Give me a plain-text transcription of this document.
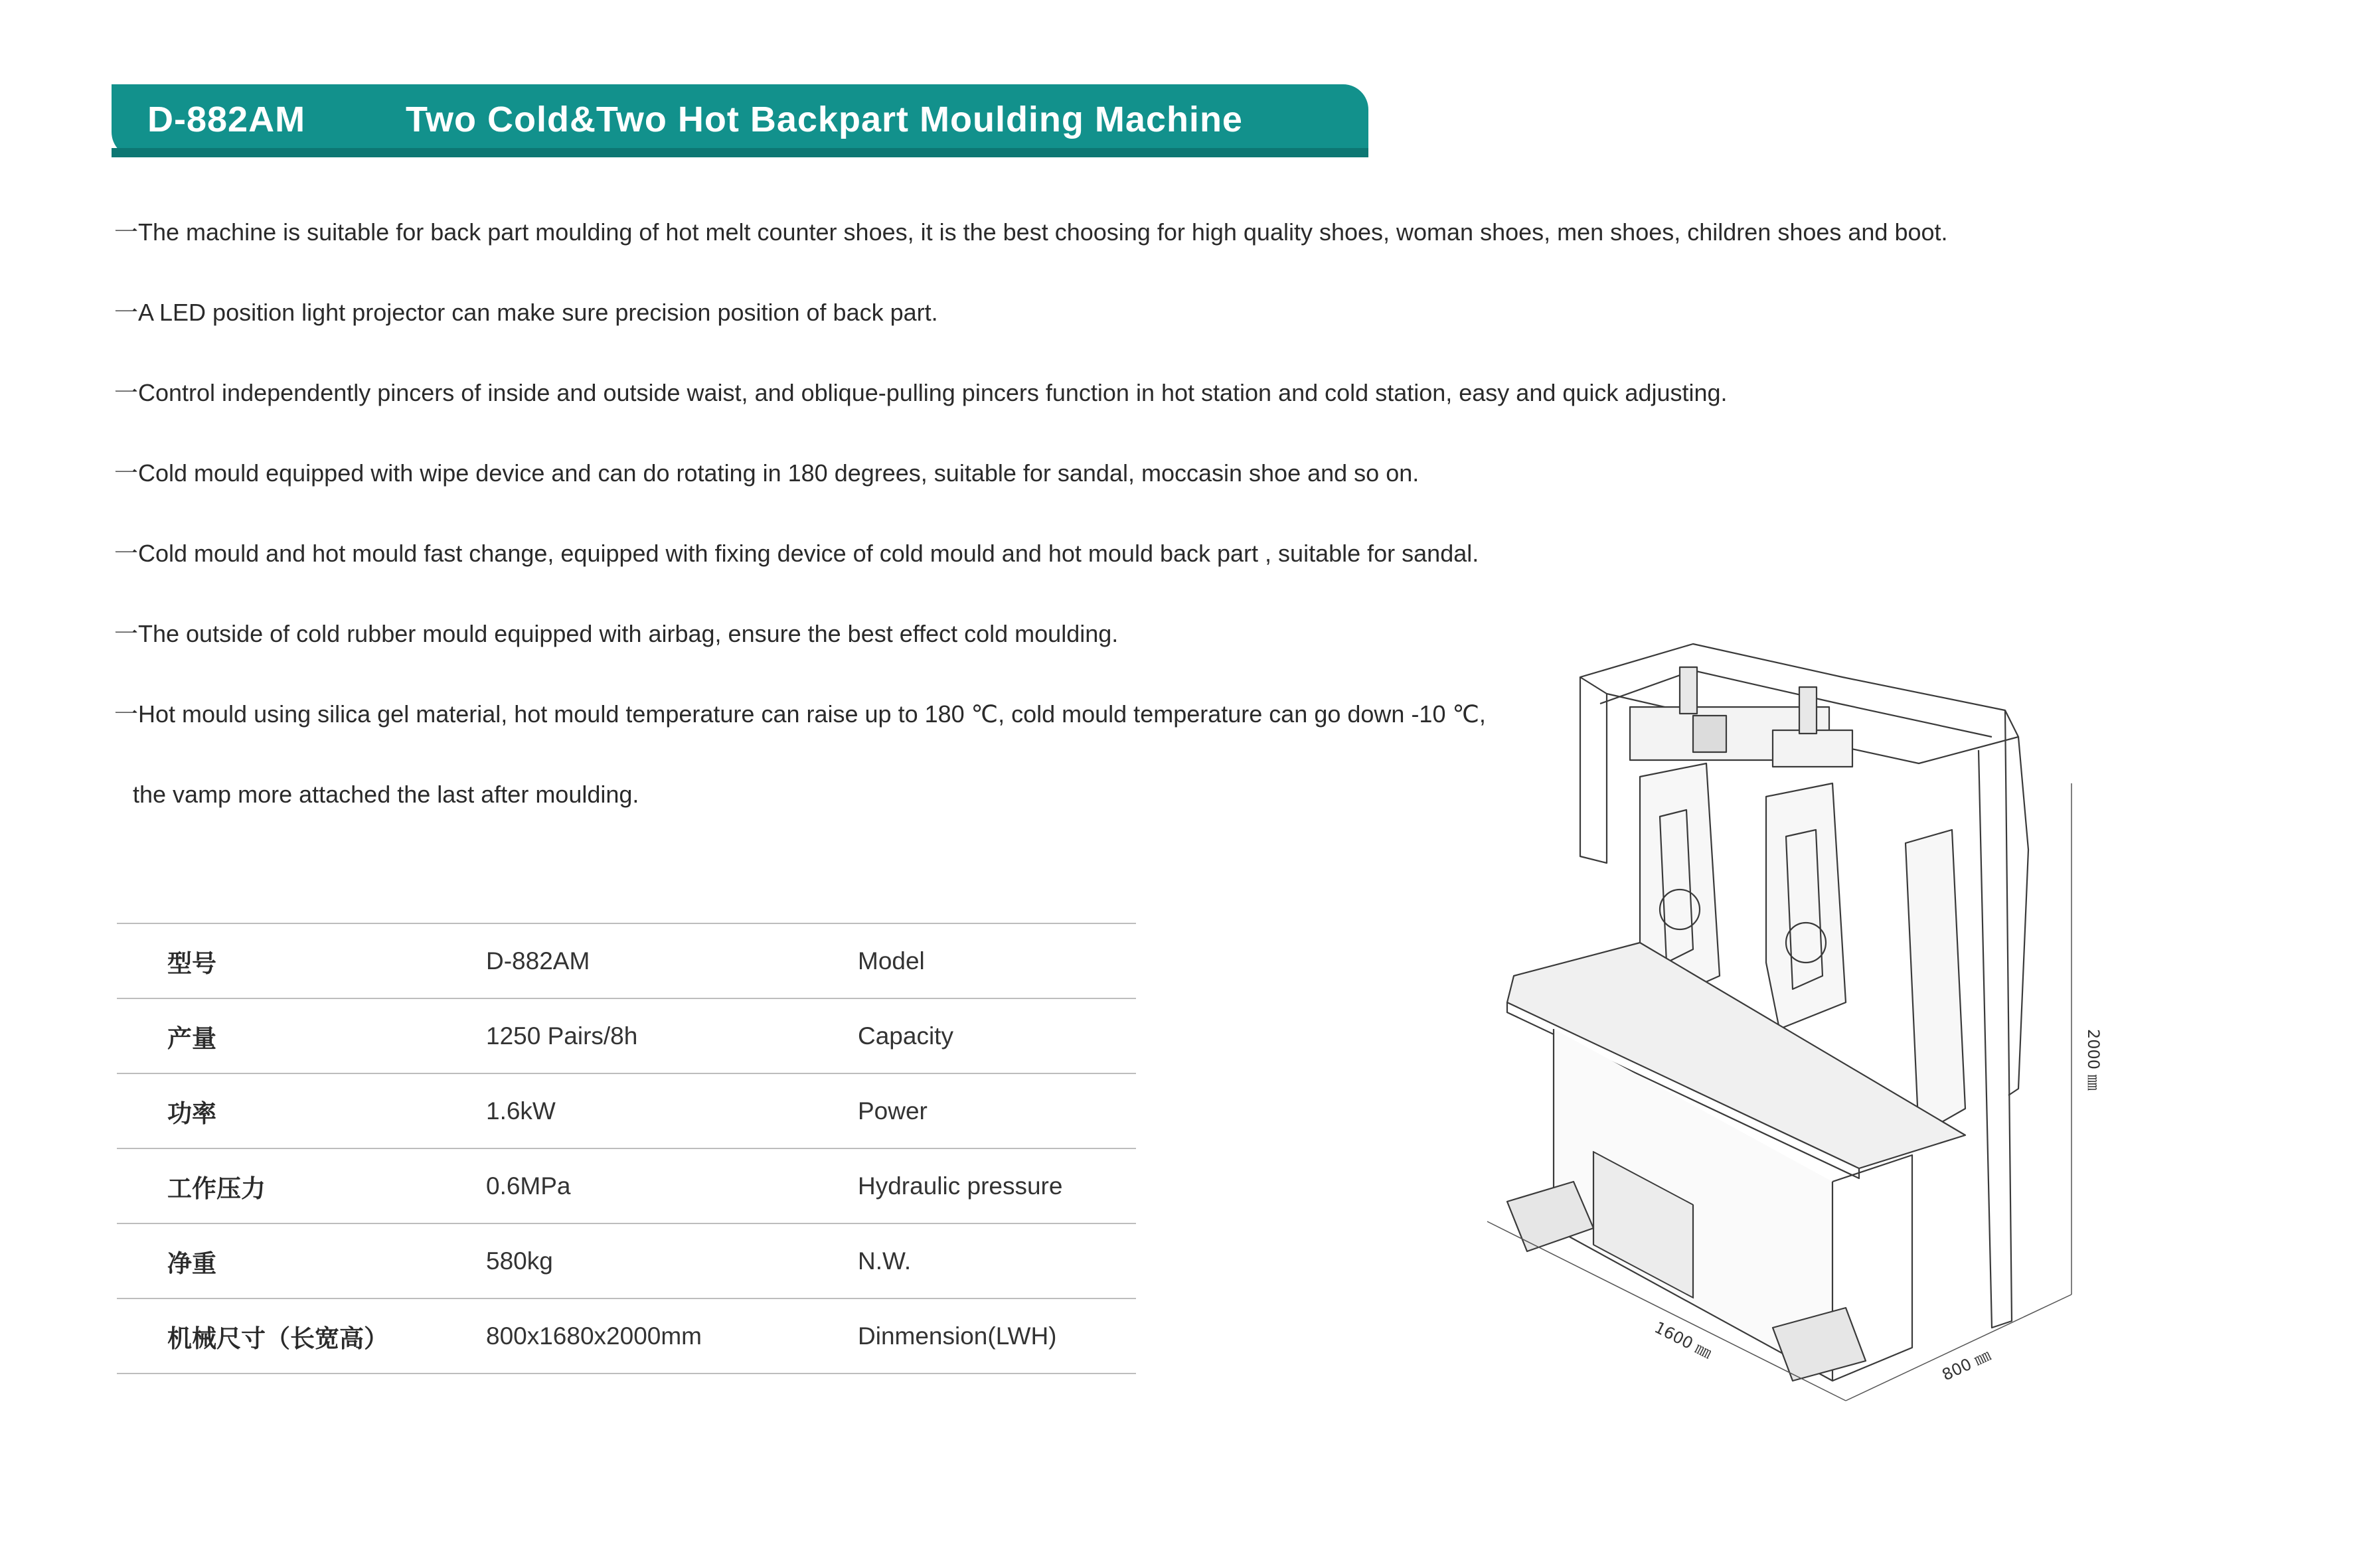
D-882AM	Two Cold&Two Hot Backpart Moulding Machine
一The machine is suitable for back part moulding of hot melt counter shoes, it is the best choosing for high quality shoes, woman shoes, men shoes, children shoes and boot.
一A LED position light projector can make sure precision position of back part.
一Control independently pincers of inside and outside waist, and oblique-pulling pincers function in hot station and cold station, easy and quick adjusting.
一Cold mould equipped with wipe device and can do rotating in 180 degrees, suitable for sandal, moccasin shoe and so on.
一Cold mould and hot mould fast change, equipped with fixing device of cold mould and hot mould back part , suitable for sandal.
一The outside of cold rubber mould equipped with airbag, ensure the best effect cold moulding.
一Hot mould using silica gel material, hot mould temperature can raise up to 180 ℃, cold mould temperature can go down -10 ℃,
the vamp more attached the last after moulding.
型号	D-882AM	Model
产量	1250 Pairs/8h	Capacity
功率	1.6kW	Power
工作压力	0.6MPa	Hydraulic pressure
净重	580kg	N.W.
机械尺寸（长宽高）	800x1680x2000mm	Dinmension(LWH)	1600 ㎜
800 ㎜
2000 ㎜
